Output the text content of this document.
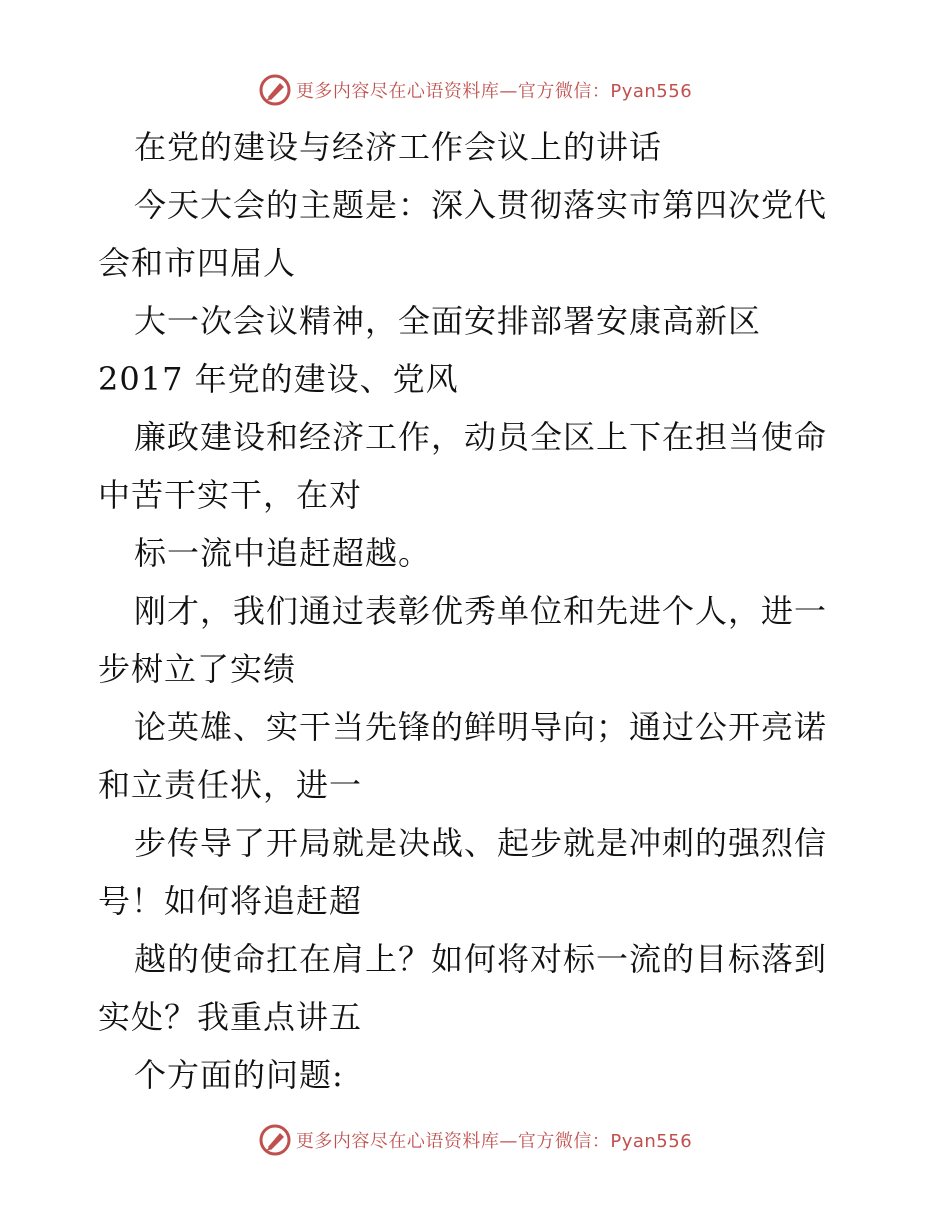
更多内容尽在心语资料库—官方微信：Pyan556
在党的建设与经济工作会议上的讲话
今天大会的主题是：深入贯彻落实市第四次党代
会和市四届人
大一次会议精神，全面安排部署安康高新区
2017 年党的建设、党风
廉政建设和经济工作，动员全区上下在担当使命
中苦干实干，在对
标一流中追赶超越。
刚才，我们通过表彰优秀单位和先进个人，进一
步树立了实绩
论英雄、实干当先锋的鲜明导向；通过公开亮诺
和立责任状，进一
步传导了开局就是决战、起步就是冲刺的强烈信
号！如何将追赶超
越的使命扛在肩上？如何将对标一流的目标落到
实处？我重点讲五
个方面的问题:
更多内容尽在心语资料库—官方微信：Pyan556
